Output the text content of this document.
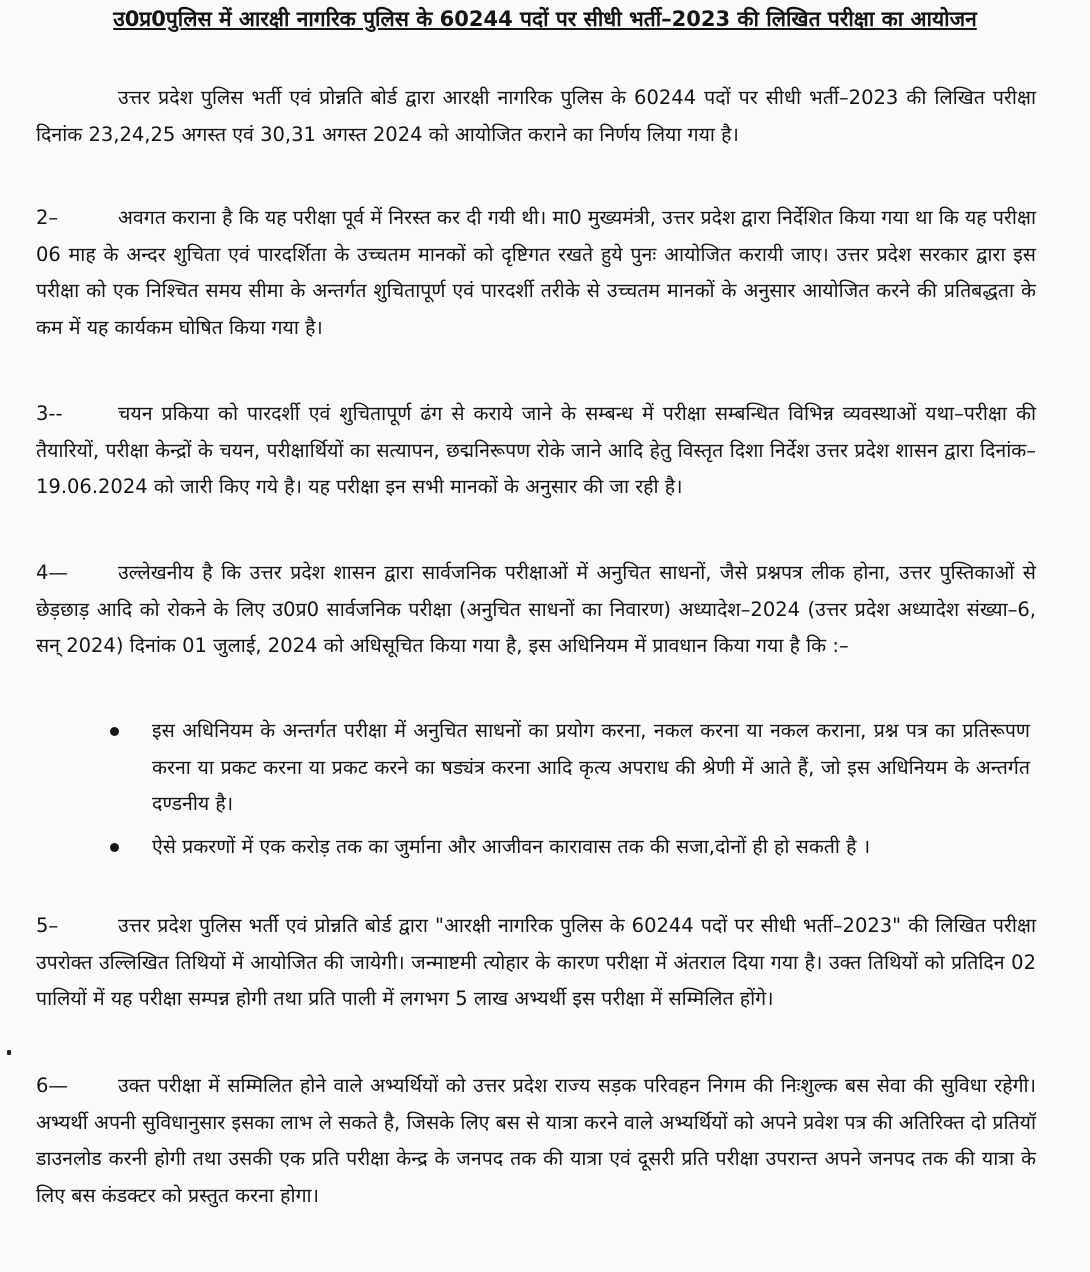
उ0प्र0पुलिस में आरक्षी नागरिक पुलिस के 60244 पदों पर सीधी भर्ती–2023 की लिखित परीक्षा का आयोजन

उत्तर प्रदेश पुलिस भर्ती एवं प्रोन्नति बोर्ड द्वारा आरक्षी नागरिक पुलिस के 60244 पदों पर सीधी भर्ती–2023 की लिखित परीक्षा दिनांक 23,24,25 अगस्त एवं 30,31 अगस्त 2024 को आयोजित कराने का निर्णय लिया गया है।

2–	अवगत कराना है कि यह परीक्षा पूर्व में निरस्त कर दी गयी थी। मा0 मुख्यमंत्री, उत्तर प्रदेश द्वारा निर्देशित किया गया था कि यह परीक्षा 06 माह के अन्दर शुचिता एवं पारदर्शिता के उच्चतम मानकों को दृष्टिगत रखते हुये पुनः आयोजित करायी जाए। उत्तर प्रदेश सरकार द्वारा इस परीक्षा को एक निश्चित समय सीमा के अन्तर्गत शुचितापूर्ण एवं पारदर्शी तरीके से उच्चतम मानकों के अनुसार आयोजित करने की प्रतिबद्धता के कम में यह कार्यकम घोषित किया गया है।

3--	चयन प्रकिया को पारदर्शी एवं शुचितापूर्ण ढंग से कराये जाने के सम्बन्ध में परीक्षा सम्बन्धित विभिन्न व्यवस्थाओं यथा–परीक्षा की तैयारियों, परीक्षा केन्द्रों के चयन, परीक्षार्थियों का सत्यापन, छद्मनिरूपण रोके जाने आदि हेतु विस्तृत दिशा निर्देश उत्तर प्रदेश शासन द्वारा दिनांक–19.06.2024 को जारी किए गये है। यह परीक्षा इन सभी मानकों के अनुसार की जा रही है।

4—	उल्लेखनीय है कि उत्तर प्रदेश शासन द्वारा सार्वजनिक परीक्षाओं में अनुचित साधनों, जैसे प्रश्नपत्र लीक होना, उत्तर पुस्तिकाओं से छेड़छाड़ आदि को रोकने के लिए उ0प्र0 सार्वजनिक परीक्षा (अनुचित साधनों का निवारण) अध्यादेश–2024 (उत्तर प्रदेश अध्यादेश संख्या–6, सन् 2024) दिनांक 01 जुलाई, 2024 को अधिसूचित किया गया है, इस अधिनियम में प्रावधान किया गया है कि :–

इस अधिनियम के अन्तर्गत परीक्षा में अनुचित साधनों का प्रयोग करना, नकल करना या नकल कराना, प्रश्न पत्र का प्रतिरूपण करना या प्रकट करना या प्रकट करने का षड्यंत्र करना आदि कृत्य अपराध की श्रेणी में आते हैं, जो इस अधिनियम के अन्तर्गत दण्डनीय है।
ऐसे प्रकरणों में एक करोड़ तक का जुर्माना और आजीवन कारावास तक की सजा,दोनों ही हो सकती है ।

5–	उत्तर प्रदेश पुलिस भर्ती एवं प्रोन्नति बोर्ड द्वारा "आरक्षी नागरिक पुलिस के 60244 पदों पर सीधी भर्ती–2023" की लिखित परीक्षा उपरोक्त उल्लिखित तिथियों में आयोजित की जायेगी। जन्माष्टमी त्योहार के कारण परीक्षा में अंतराल दिया गया है। उक्त तिथियों को प्रतिदिन 02 पालियों में यह परीक्षा सम्पन्न होगी तथा प्रति पाली में लगभग 5 लाख अभ्यर्थी इस परीक्षा में सम्मिलित होंगे।

6—	उक्त परीक्षा में सम्मिलित होने वाले अभ्यर्थियों को उत्तर प्रदेश राज्य सड़क परिवहन निगम की निःशुल्क बस सेवा की सुविधा रहेगी। अभ्यर्थी अपनी सुविधानुसार इसका लाभ ले सकते है, जिसके लिए बस से यात्रा करने वाले अभ्यर्थियों को अपने प्रवेश पत्र की अतिरिक्त दो प्रतियॉ डाउनलोड करनी होगी तथा उसकी एक प्रति परीक्षा केन्द्र के जनपद तक की यात्रा एवं दूसरी प्रति परीक्षा उपरान्त अपने जनपद तक की यात्रा के लिए बस कंडक्टर को प्रस्तुत करना होगा।
